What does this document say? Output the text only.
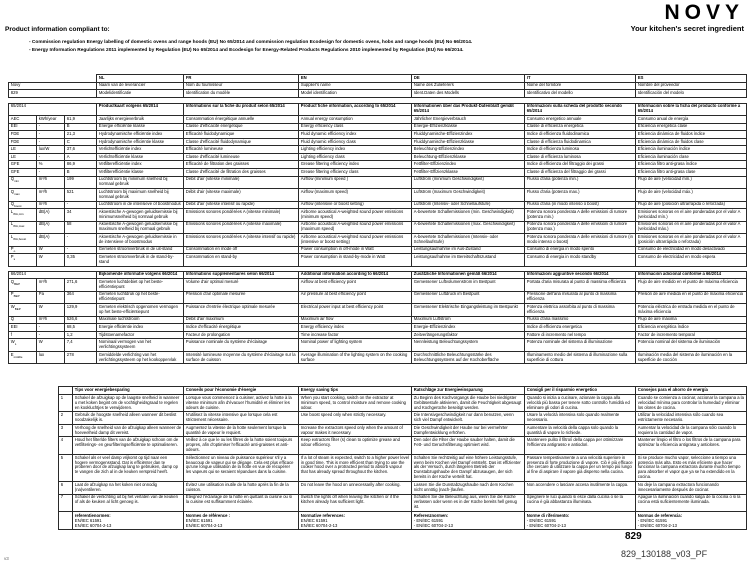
NOVY
Your kitchen's secret ingredient
Product information compliant to:
- Commission regulation Energy labelling of domestic ovens and range hoods (EU) No 65/2014 and commission regulation Ecodesign for domestic ovens, hobs and range hoods (EU) No 66/2014.
- Energy Information Regulations 2011 implemented by Regulation (EU) No 65/2014 and Ecodesign for Energy-Related Products Regulations 2010 implemented by Regulation (EU) No 66/2014.
	NL	FR	EN	DE	IT	ES
Novy	Naam van de leverancier	Nom du fournisseur	Supplier's name	Name des Zulieferers	Nome del fornitore	Nombre del proveedor
829	Modelidentificatie	Identification du modèle	Model identification	Ident.Daten des Modells	Identificativo del modello	Identificación del modelo
65/2014			Productkaart volgens 65/2014	Informations sur la fiche du produit selon 65/2014	Product fiche information, according to 65/2014	Informationen über das Produkt-Datenblatt gemäß 65/2014	Informazioni sulla scheda del prodotto secondo 65/2014	Información sobre la ficha del producto conforme a 65/2014
AEC	kWh/year	61,9	Jaarlijks energieverbruik	Consommation énergétique annuelle	Annual energy consumption	Jährlicher Energieverbrauch	Consumo energetico annuale	Consumo anual de energía
EEI	-	B	Energie efficiëntie klasse	Classe d'efficacité énergétique	Energy efficiency class	Energie-Effizienzklasse	Classe di efficienza energetica	Eficiencia energética clase
FDE	-	21,3	Hydrodynamische efficiëntie index	Efficacité fluidodynamique	Fluid dynamic efficiency index	Fluiddynamische-Effizienzindex	Indice di efficienza fluidodinamica	Eficiencia dinámica de fluidos índice
FDE	-	C	Hydrodynamische efficiëntie klasse	Classe d'efficacité fluidodynamique	Fluid dynamic efficiency class	Fluiddynamische-Effizienzklasse	Classe di efficienza fluidodinamica	Eficiencia dinámica de fluidos clase
LE	lux/W	37,6	Verlichtefficiëntie index	Efficacité lumineuse	Lighting efficiency index	Beleuchtung-Effizienzindex	Indice di efficienza luminosa	Eficiencia iluminación índice
LE	-	A	Verlichtefficiëntie klasse	Classe d'efficacité lumineuse	Lighting efficiency class	Beleuchtung-Effizienzklasse	Classe di efficienza luminosa	Eficiencia iluminación clase
GFE	%	86,9	Vetfilterefficiëntie index	Efficacité de filtration des graisses	Grease filtering efficiency index	Fettfilter-Effizienzindex	Indice di efficienza del filtraggio dei grassi	Eficiencia filtro anti-grasa índice
GFE	-	B	Vetfilterefficiëntie klasse	Classe d'efficacité de filtration des graisses	Grease filtering efficiency class	Fettfilter-Effizienzklasse	Classe di efficienza del filtraggio dei grassi	Eficiencia filtro anti-grasa clase
$Q_{min}$	m³/h	199	Luchtstroom bij minimum snelheid bij normaal gebruik	Débit d'air (vitesse minimale)	Airflow (minimum speed )	Luftstrom (minimum Geschwindigkeit)	Flusso d'aria (potenza min.)	Flujo de aire (velocidad mín.)
$Q_{max}$	m³/h	521	Luchtstroom bij maximum snelheid bij normaal gebruik	Débit d'air (vitesse maximale)	Airflow (maximum speed)	Luftstrom (maximum Geschwindigkeit)	Flusso d'aria (potenza max.)	Flujo de aire (velocidad máx.)
$Q_{boost}$	m³/h	-	Luchtstroom in de intensieve of boostmodus	Débit d'air (vitesse intensif ou rapide)	Airflow (intensive or boost setting)	Luftstrom (Intensiv- oder Schnellaufstufe)	Flusso d'aria (in modo intenso o boost)	Flujo de aire (posición ultrarrápida o reforzada)
$L_{WA,min}$	dB(A)	34	Akoestische A-gewogen geluidsemissie bij minimumsnelheid bij normaal gebruik	Emissions sonores pondérées A (vitesse minimale)	Airborne acoustical A-weighted sound power emissions (minimum speed)	A-bewertete Schallemissionen (min. Geschwindigkeit)	Potenza sonora ponderata A delle emissioni di rumore (potenza min.)	Emisiones sonoras en el aire ponderadas por el valor A (velocidad mín.)
$L_{WA,max}$	dB(A)	58	Akoestische A-gewogen geluidsemissie bij maximum snelheid bij normaal gebruik	Emissions sonores pondérées A (vitesse maximale)	Airborne acoustical A-weighted sound power emissions (maximum speed)	A-bewertete Schallemissionen (max. Geschwindigkeit)	Potenza sonora ponderata A delle emissioni di rumore (potenza max.)	Emisiones sonoras en el aire ponderadas por el valor A (velocidad máx.)
$L_{WA,boost}$	dB(A)	-	Akoestische A-gewogen geluidsemissie in de intensieve of boostmodus	Emissions sonores pondérées A (vitesse intensif ou rapide)	Airborne acoustical A-weighted sound power emissions (intensive or boost setting)	A-bewertete Schallemissionen (Intensiv- oder Schnellaufstufe)	Potenza sonora ponderata A delle emissioni di rumore (in modo intenso o boost)	Emisiones sonoras en el aire ponderadas por el valor A (posición ultrarrápida o reforzada)
$P_o$	W	-	Gemeten stroomverbruik in de uit-stand	Consommation en mode off	Power consumption in off-mode in Watt	Leistungsaufnahme im Aus-Zustand	Consumo di energia in modo spento	Consumo de electricidad en modo desactivado
$P_s$	W	0,35	Gemeten stroomverbruik in de stand-by-stand	Consommation en stand-by	Power consumption in stand-by-mode in Watt	Leistungsaufnahme im Bereitschaftszustand	Consumo di energia in modo standby	Consumo de electricidad en modo espera
66/2014			Bijkomende informatie volgens 66/2014	Informations supplémentaires selon 66/2014	Additional information according to 66/2014	Zusätzliche Informationen gemäß 66/2014	Informazioni aggiuntive secondo 66/2014	Información adicional conforme a 66/2014
$Q_{BEP}$	m³/h	271,6	Gemeten luchtdebiet op het beste-efficiëntiepunt	Volume d'air optimal mesuré	Airflow at best efficiency point	Gemessener Luftvolumenstrom im Bestpunt	Portata d'aria misurata al punto di massima efficienza	Flujo de aire medido en el punto de máxima eficiencia
$P_{BEP}$	Pa	364	Gemeten luchtdruk op het beste-efficiëntiepunt	Pression d'air optimale mesurée	Air pressure at best efficiency point	Gemessener Luftdruck im Bestpunt	Pressione dell'aria misurata al punto di massima efficienza	Presión de aire medida en el punto de máxima eficiencia
$W_{BEP}$	W	129,9	Gemeten elektrisch opgenomen vermogen op het beste-efficiëntiepunt	Puissance d'entrée électrique optimale mesurée	Electrical power input at best efficiency point	Gemessener Elektrische Eingangsleistung im Bestpunkt	Potenza elettrica assorbita al punto di massima efficienza	Potencia eléctrica de entrada medida en el punto de máxima eficiencia
Q	m³/h	526,6	Maximale luchtstroom	Débit d'air maximum	Maximum air flow	Maximum Luftstrom	Flusso d'aria massimo	Flujo de aire máxima
EEI	-	68,5	Energie efficiëntie index	Indice d'efficacité énergétique	Energy efficiency index	Energie-Effizienzindex	Indice di efficienza energetica	Eficiencia energética índice
f	-	1,2	Tijdstoenamefactor	Facteur de prolongation	Time increase factor	Zeitverlängerungsfaktor	Fattore di incremento nel tempo	Factor de incremento temporal
$W_L$	W	7,4	Nominaal vermogen van het verlichtingssysteem	Puissance nominale du système d'éclairage	Nominal power of lighting system	Nennleistung Beleuchtungssystem	Potenza nominale del sistema di illuminazione	Potencia nominal del sistema de iluminación
$E_{middle}$	lux	278	Gemiddelde verlichting van het verlichtingssysteem op het kookoppervlak	Intensité lumineuse moyenne du système d'éclairage sur la surface de cuisson	Average illumination of the lighting system on the cooking surface	Durchschnittliche Beleuchtungsstärke des Beleuchtungssystems auf der Kochoberfläche	Illuminamento medio del sistema di illuminazione sulla superficie di cottura	Iluminación media del sistema de iluminación en la superficie de cocción
	Tips voor energiebesparing	Conseils pour l'économie d'énergie	Energy saving tips	Ratschläge zur Energieeinsparung	Consigli per il risparmio energetico	Consejos para el ahorro de energía
1	Schakel de afzuigkap op de laagste snelheid in wanneer u met koken begint om de vochtigheidsgraad te regelen en kookluchtjes te verwijderen.	Lorsque vous commencez à cuisiner, activez la hotte à la vitesse minimum afin d'évacuer l'humidité et éliminer les odeurs de cuisine.	When you start cooking, switch on the extractor at minimum speed, to control moisture and remove cooking odour.	Zu Beginn des Kochvorgangs die Haube bei niedrigster Gebläsestufe aktivieren, damit die Feuchtigkeit abgesaugt und Kochgerüche beseitigt werden.	Quando si inizia a cucinare, azionare la cappa alla velocità più bassa per tenere sotto controllo l'umidità ed eliminare gli odori di cucina.	Cuando se comienza a cocinar, accionar la campana a la velocidad mínima para controlar la humedad y eliminar los olores de cocina.
2	Gebruik de hoogste snelheid alleen wanneer dit beslist noodzakelijk is.	N'utilisez la vitesse intensive que lorsque cela est strictement nécessaire.	Use boost speed only when strictly necessary.	Die Intensivgeschwindigkeit nur dann benutzen, wenn sich viel Dampf entwickelt.	Usare la velocità intensiva solo quando realmente necessario.	Utilizar la velocidad intensiva sólo cuando sea estrictamente necesario.
3	Verhoog de snelheid van de afzuigkap alleen wanneer de hoeveelheid damp dit vereist.	Augmentez la vitesse de la hotte seulement lorsque la quantité de vapeur le requiert.	Increase the extractors speed only when the amount of vapour makes it necessary.	Die Geschwindigkeit der Haube nur bei vermehrter Dampfentwicklung erhöhen.	Aumentare la velocità della cappa solo quando la quantità di vapore lo richiede.	Aumentar la velocidad de la campana sólo cuando lo requiera la cantidad de vapor.
4	Houd het filter/de filters van de afzuigkap schoon om de vetfilterings- en geurfilteringsefficiëntie te optimaliseren.	Veillez à ce que le ou les filtres de la hotte soient toujours propres, afin d'optimiser l'efficacité anti-graisses et anti-odeurs.	Keep extractors filter (s) clean to optimize grease and odour efficiency.	Den oder die Filter der Haube sauber halten, damit die Fett- und Geruchsfilterung optimiert wird.	Mantenere pulito il filtro/i della cappa per ottimizzare l'efficienza antigrasso e antiodori.	Mantener limpio el filtro o los filtros de la campana para optimizar la eficiencia antigrasa y antiolores.
5	Schakel als er veel damp vrijkomt op tijd naar een hogere vermogensstand. Dat is efficiënter dan te proberen door de afzuigkap lang te gebruiken, damp op te vangen die zich al in de keuken verspreid heeft.	Sélectionnez un niveau de puissance supérieur s'il y a beaucoup de vapeur qui se dégage. Cela est plus efficace qu'une longue utilisation de la hotte en vue de récupérer les vapeurs qui se seraient répandues dans la cuisine.	If a lot of steam is expected, switch to a higher power level in good time. This is more efficient than trying to use the cooker hood over a protracted period to absorb vapour that has already spread throughout the kitchen.	Schalten Sie rechtzeitig auf eine höhere Leistungsstufe, wenn beim Kochen viel Dampf entsteht. Das ist effizienter als der Versuch, durch längeren Betrieb der Dunstabzugshaube den Dampf abzusaugen, der sich bereits in der Küche verteilt hat.	Passare tempestivamente a una velocità superiore in presenza di forte produzione di vapore. Ciò è più efficace che cercare di utilizzare la cappa per un tempo più lungo al fine di aspirare il vapore già disperso nella cucina.	Si se produce mucho vapor, seleccione a tiempo una potencia más alta. Esto es más eficiente que hacer funcionar la campana extractora durante mucho tiempo para absorber el vapor que ya se ha extendido en la cocina.
6	Laat de afzuigkap na het koken niet onnodig (na)ventileren.	Évitez une utilisation inutile de la hotte après la fin de la cuisson.	Do not leave the hood on unnecessarily after cooking.	Lassen Sie die Dunstabzugshaube nach dem Kochen nicht unnötig (nach-)laufen.	Non accendere o lasciare accesa inutilmente la cappa.	No deje la campana extractora funcionando innecesariamente después de cocinar.
7	Schakel de verlichting uit bij het verlaten van de keuken of als de keuken al licht genoeg is.	Éteignez l'éclairage de la hotte en quittant la cuisine ou si la cuisine est suffisamment éclairée.	Switch the lights off when leaving the kitchen or if the kitchen already has sufficient light.	Schalten Sie die Beleuchtung aus, wenn Sie die Küche verlassen oder wenn es in der Küche bereits hell genug ist.	Spegnere le luci quando si esce dalla cucina o se la cucina è già abbastanza illuminata.	Apague la iluminación cuando salga de la cocina o si la cocina está suficientemente iluminada.

referentienormen:
EN/IEC 61591
EN/IEC 60704-2-13

Normes de référence :
EN/IEC 61591
EN/IEC 60704-2-13

Normative references:
EN/IEC 61591
EN/IEC 60704-2-13

Referenznormen:
- EN/IEC 61591
- EN/IEC 60704-2-13

Norme di riferimento:
- EN/IEC 61591
- EN/IEC 60704-2-13

Normas de referencia:
- EN/IEC 61591
- EN/IEC 60704-2-13
829
829_130188_v03_PF
v3
